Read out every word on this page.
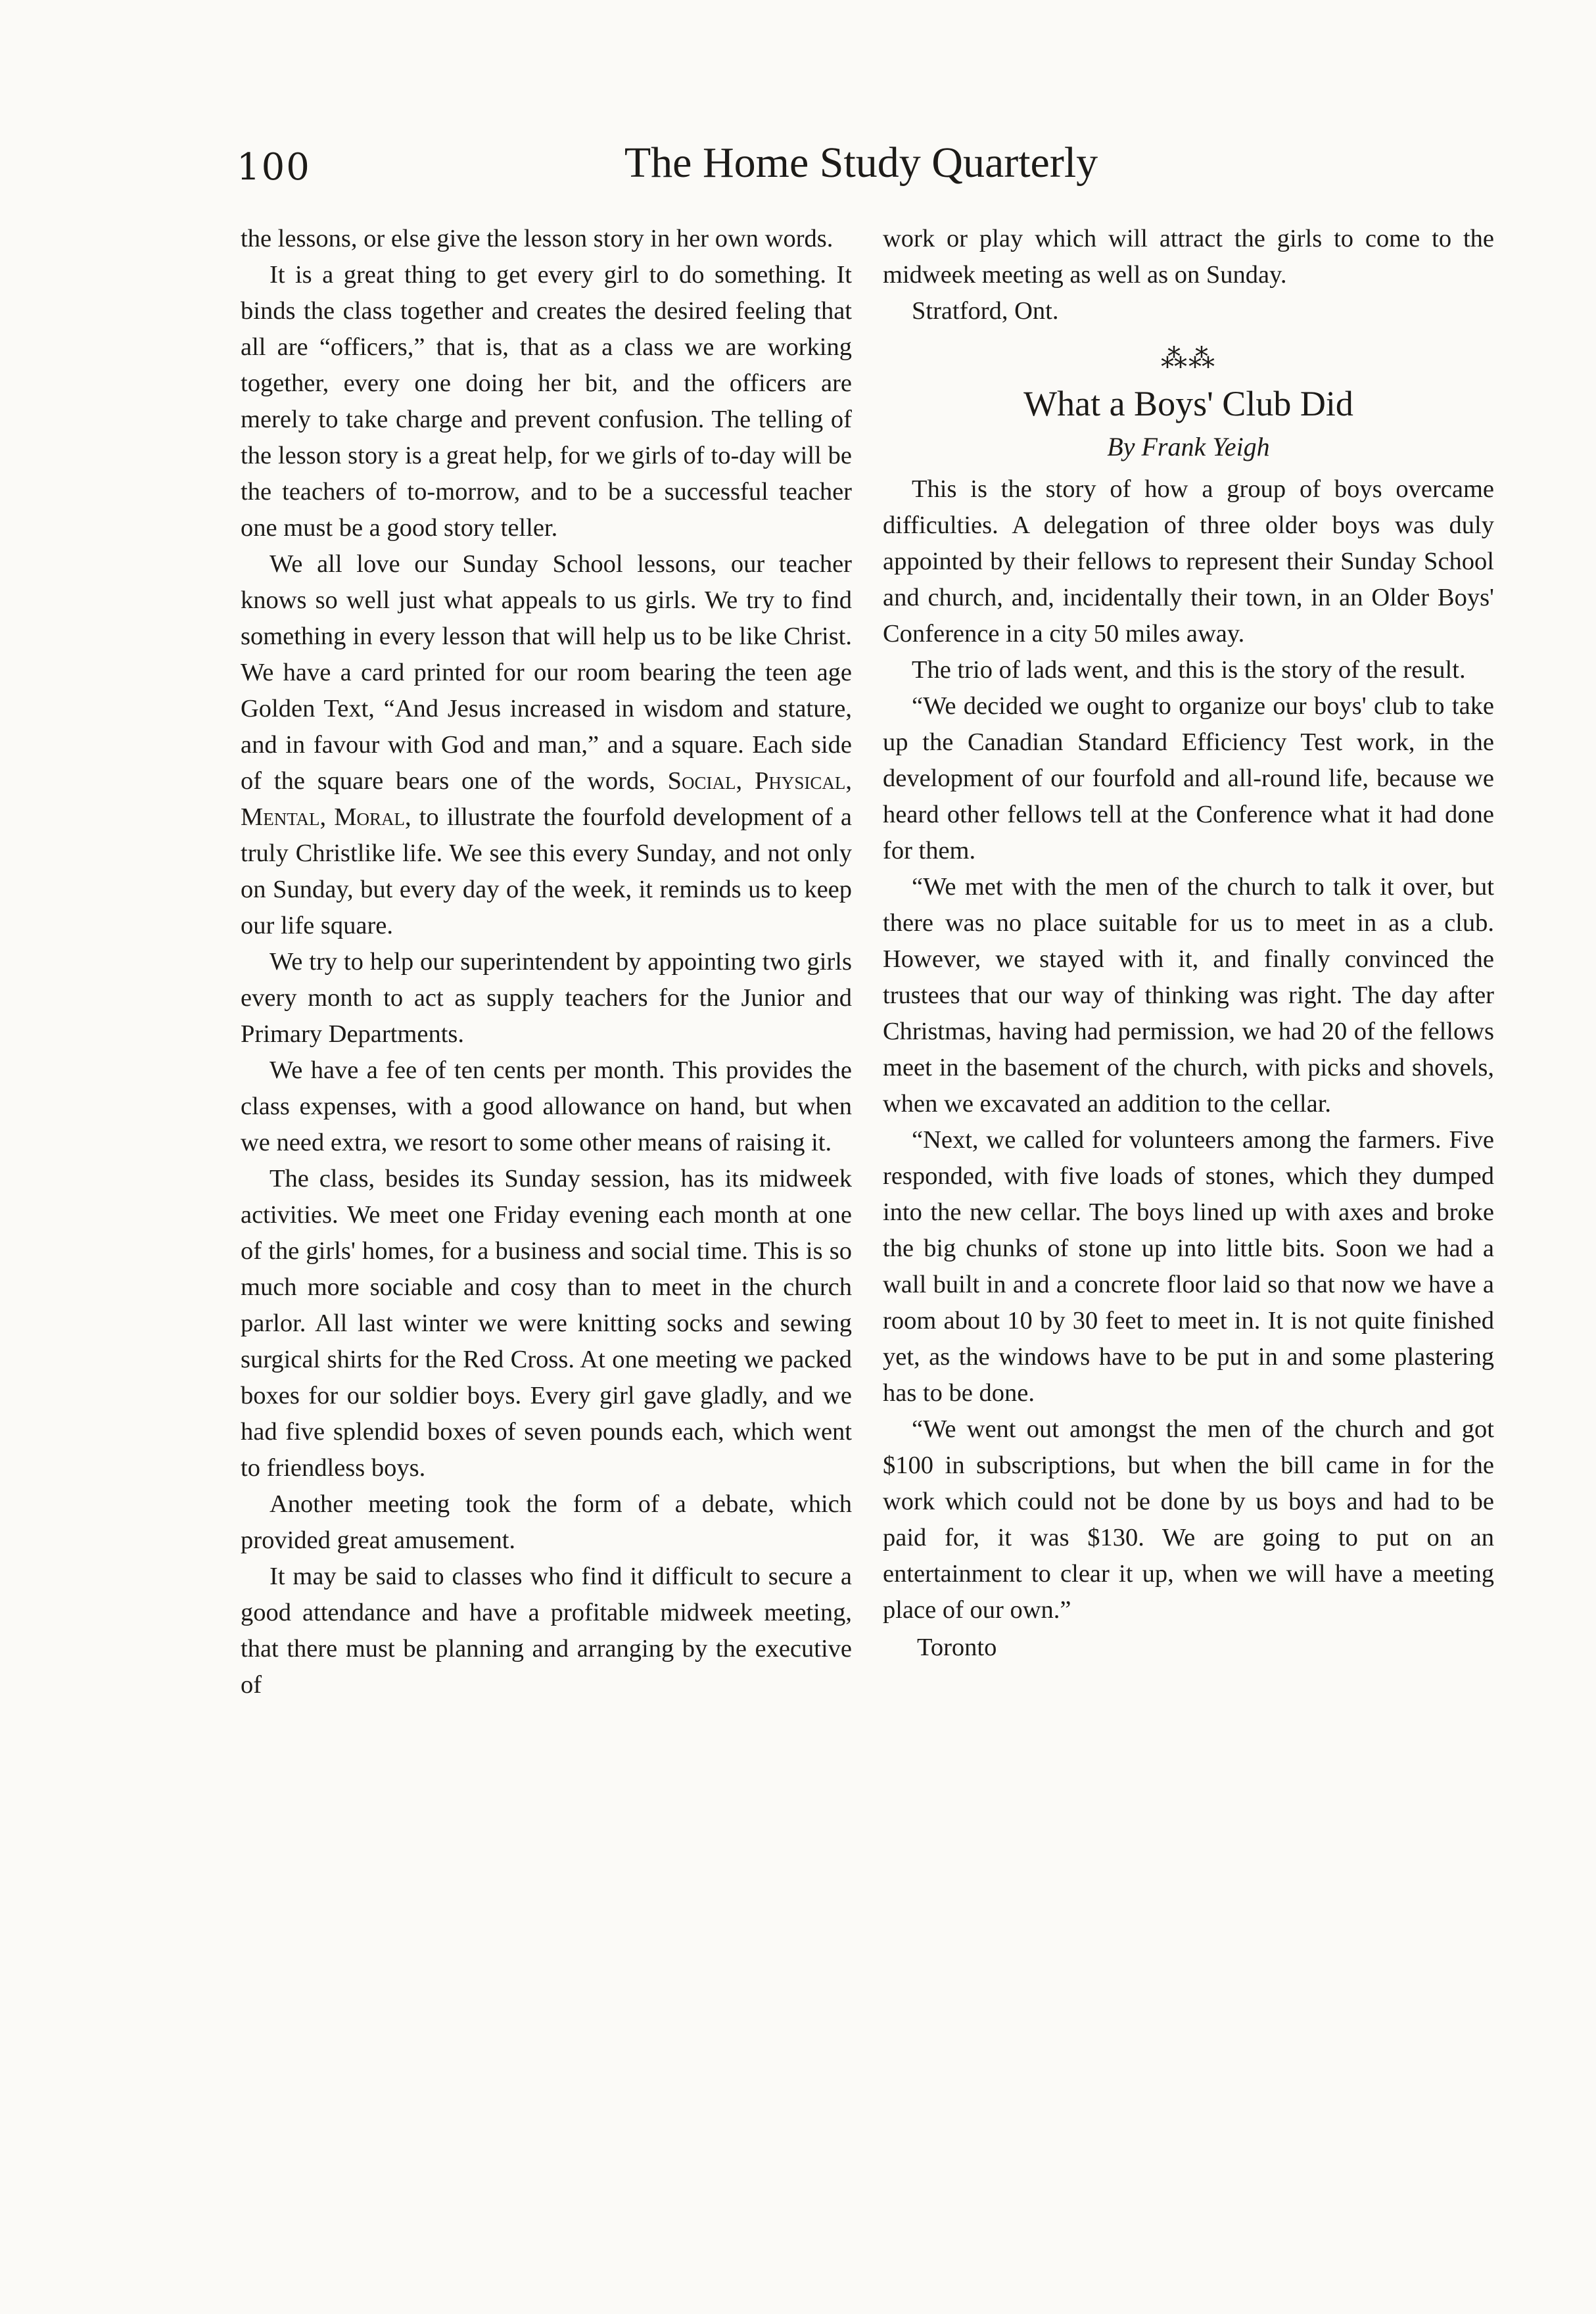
100	The Home Study Quarterly

the lessons, or else give the lesson story in her own words.

It is a great thing to get every girl to do something. It binds the class together and creates the desired feeling that all are “officers,” that is, that as a class we are working together, every one doing her bit, and the officers are merely to take charge and prevent confusion. The telling of the lesson story is a great help, for we girls of to-day will be the teachers of to-morrow, and to be a successful teacher one must be a good story teller.

We all love our Sunday School lessons, our teacher knows so well just what appeals to us girls. We try to find something in every lesson that will help us to be like Christ. We have a card printed for our room bearing the teen age Golden Text, “And Jesus increased in wisdom and stature, and in favour with God and man,” and a square. Each side of the square bears one of the words, Social, Physical, Mental, Moral, to illustrate the fourfold development of a truly Christlike life. We see this every Sunday, and not only on Sunday, but every day of the week, it reminds us to keep our life square.

We try to help our superintendent by appointing two girls every month to act as supply teachers for the Junior and Primary Departments.

We have a fee of ten cents per month. This provides the class expenses, with a good allowance on hand, but when we need extra, we resort to some other means of raising it.

The class, besides its Sunday session, has its midweek activities. We meet one Friday evening each month at one of the girls' homes, for a business and social time. This is so much more sociable and cosy than to meet in the church parlor. All last winter we were knitting socks and sewing surgical shirts for the Red Cross. At one meeting we packed boxes for our soldier boys. Every girl gave gladly, and we had five splendid boxes of seven pounds each, which went to friendless boys.

Another meeting took the form of a debate, which provided great amusement.

It may be said to classes who find it difficult to secure a good attendance and have a profitable midweek meeting, that there must be planning and arranging by the executive of

work or play which will attract the girls to come to the midweek meeting as well as on Sunday.

Stratford, Ont.
⁂⁂
What a Boys' Club Did
By Frank Yeigh

This is the story of how a group of boys overcame difficulties. A delegation of three older boys was duly appointed by their fellows to represent their Sunday School and church, and, incidentally their town, in an Older Boys' Conference in a city 50 miles away.

The trio of lads went, and this is the story of the result.

“We decided we ought to organize our boys' club to take up the Canadian Standard Efficiency Test work, in the development of our fourfold and all-round life, because we heard other fellows tell at the Conference what it had done for them.

“We met with the men of the church to talk it over, but there was no place suitable for us to meet in as a club. However, we stayed with it, and finally convinced the trustees that our way of thinking was right. The day after Christmas, having had permission, we had 20 of the fellows meet in the basement of the church, with picks and shovels, when we excavated an addition to the cellar.

“Next, we called for volunteers among the farmers. Five responded, with five loads of stones, which they dumped into the new cellar. The boys lined up with axes and broke the big chunks of stone up into little bits. Soon we had a wall built in and a concrete floor laid so that now we have a room about 10 by 30 feet to meet in. It is not quite finished yet, as the windows have to be put in and some plastering has to be done.

“We went out amongst the men of the church and got $100 in subscriptions, but when the bill came in for the work which could not be done by us boys and had to be paid for, it was $130. We are going to put on an entertainment to clear it up, when we will have a meeting place of our own.”

Toronto
